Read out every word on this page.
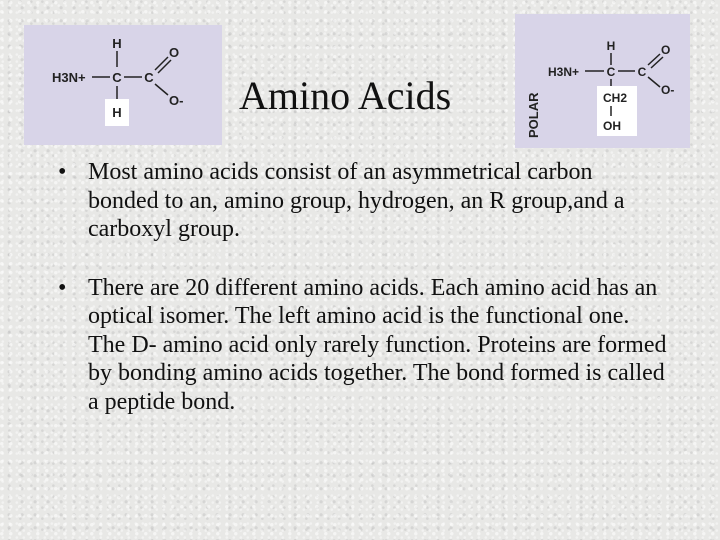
H
H3N+ C C
O
O-
H	Amino Acids	POLAR
H
H3N+ C C
O
O-
CH2
OH
• Most amino acids consist of an asymmetrical carbon bonded to an, amino group, hydrogen, an R group,and a carboxyl group.
• There are 20 different amino acids. Each amino acid has an optical isomer. The left amino acid is the functional one. The D- amino acid only rarely function. Proteins are formed by bonding amino acids together. The bond formed is called a peptide bond.
